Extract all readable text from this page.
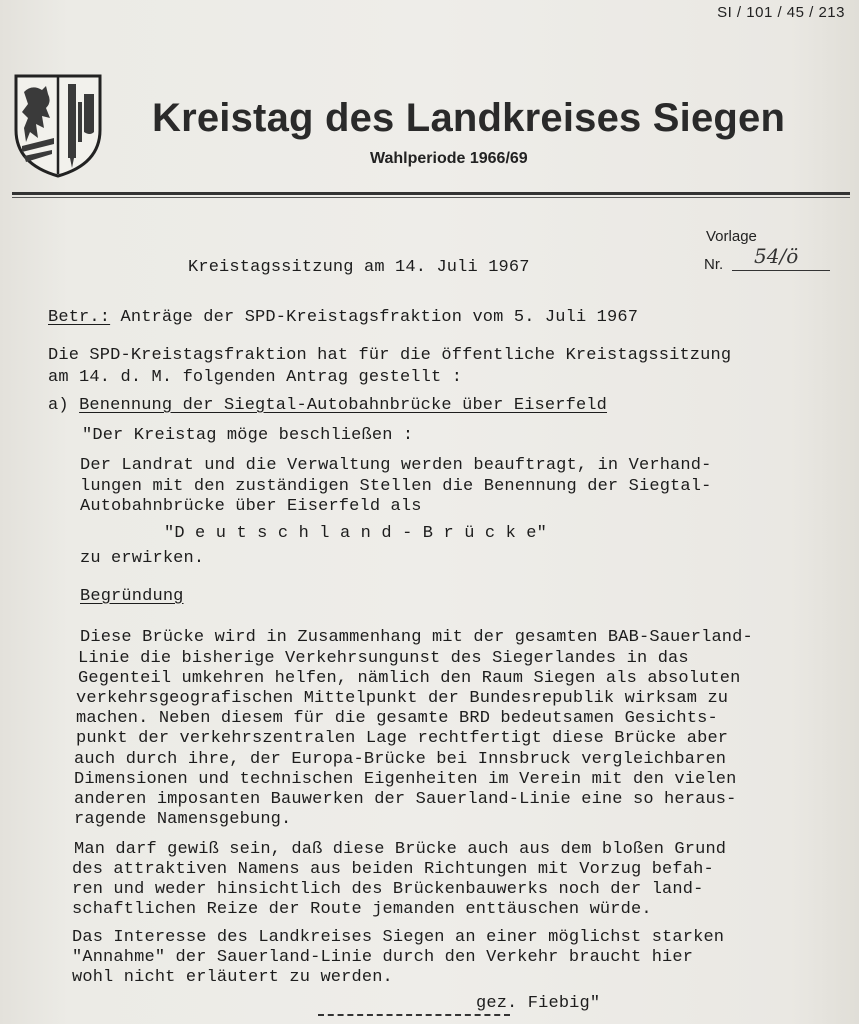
SI / 101 / 45 / 213
Kreistag des Landkreises Siegen
Wahlperiode 1966/69
Vorlage
Nr.	54/ö
Kreistagssitzung am 14. Juli 1967
Betr.: Anträge der SPD-Kreistagsfraktion vom 5. Juli 1967
Die SPD-Kreistagsfraktion hat für die öffentliche Kreistagssitzung
am 14. d. M. folgenden Antrag gestellt :
a) Benennung der Siegtal-Autobahnbrücke über Eiserfeld
"Der Kreistag möge beschließen :
Der Landrat und die Verwaltung werden beauftragt, in Verhand-
lungen mit den zuständigen Stellen die Benennung der Siegtal-
Autobahnbrücke über Eiserfeld als
"D e u t s c h l a n d - B r ü c k e"
zu erwirken.
Begründung
Diese Brücke wird in Zusammenhang mit der gesamten BAB-Sauerland-
Linie die bisherige Verkehrsungunst des Siegerlandes in das
Gegenteil umkehren helfen, nämlich den Raum Siegen als absoluten
verkehrsgeografischen Mittelpunkt der Bundesrepublik wirksam zu
machen. Neben diesem für die gesamte BRD bedeutsamen Gesichts-
punkt der verkehrszentralen Lage rechtfertigt diese Brücke aber
auch durch ihre, der Europa-Brücke bei Innsbruck vergleichbaren
Dimensionen und technischen Eigenheiten im Verein mit den vielen
anderen imposanten Bauwerken der Sauerland-Linie eine so heraus-
ragende Namensgebung.
Man darf gewiß sein, daß diese Brücke auch aus dem bloßen Grund
des attraktiven Namens aus beiden Richtungen mit Vorzug befah-
ren und weder hinsichtlich des Brückenbauwerks noch der land-
schaftlichen Reize der Route jemanden enttäuschen würde.
Das Interesse des Landkreises Siegen an einer möglichst starken
"Annahme" der Sauerland-Linie durch den Verkehr braucht hier
wohl nicht erläutert zu werden.
gez. Fiebig"
